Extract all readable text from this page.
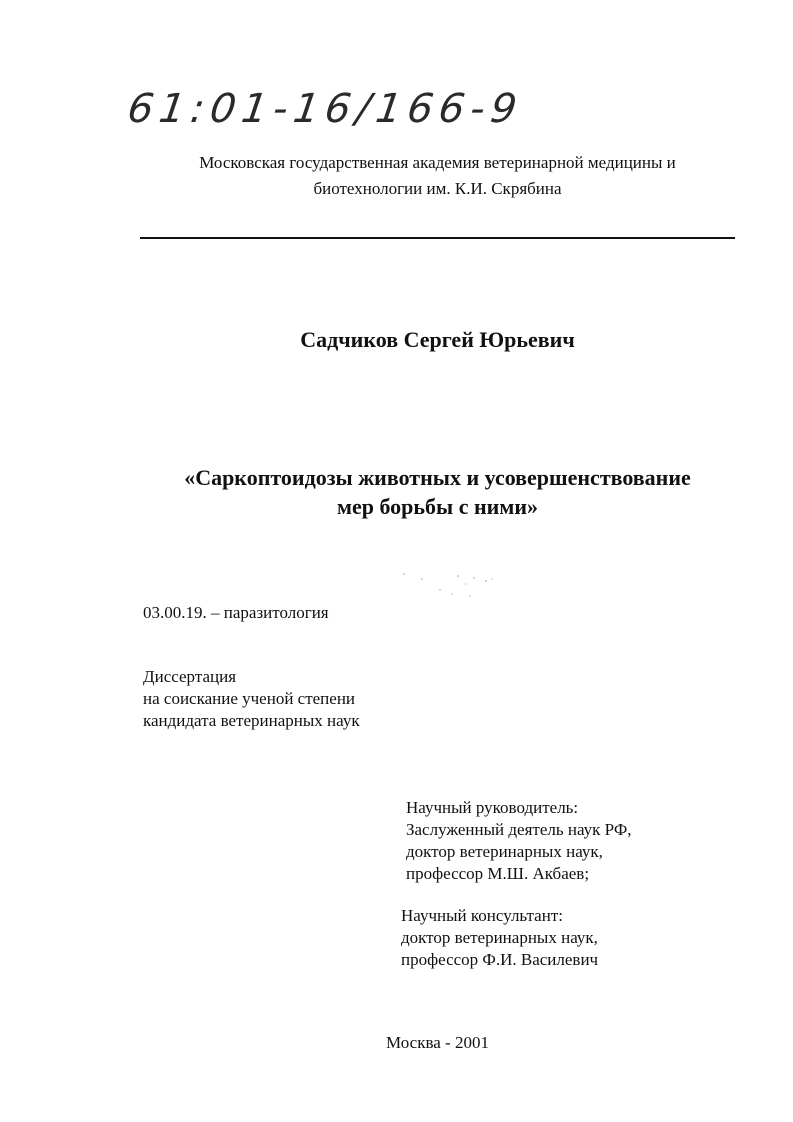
61:01-16/166-9
Московская государственная академия ветеринарной медицины и
биотехнологии им. К.И. Скрябина
Садчиков Сергей Юрьевич
«Саркоптоидозы животных и усовершенствование
мер борьбы с ними»
03.00.19. – паразитология
Диссертация
на соискание ученой степени
кандидата ветеринарных наук
Научный руководитель:
Заслуженный деятель наук РФ,
доктор ветеринарных наук,
профессор М.Ш. Акбаев;
Научный консультант:
доктор ветеринарных наук,
профессор Ф.И. Василевич
Москва - 2001
